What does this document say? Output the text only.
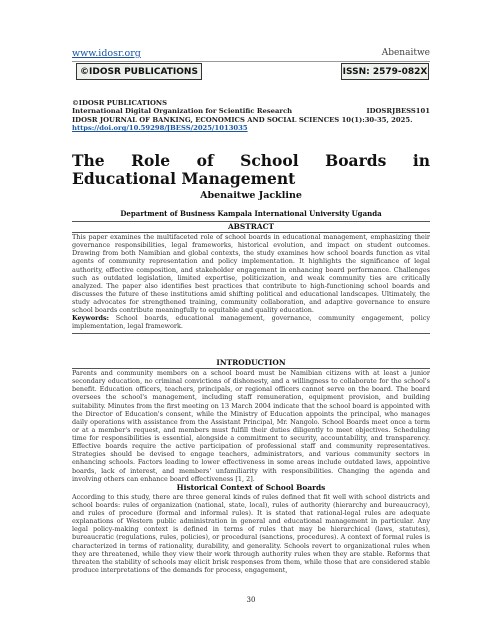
www.idosr.org	Abenaitwe
©IDOSR PUBLICATIONS	ISSN: 2579-082X
©IDOSR PUBLICATIONS
International Digital Organization for Scientific Research	IDOSRJBESS101
IDOSR JOURNAL OF BANKING, ECONOMICS AND SOCIAL SCIENCES 10(1):30-35, 2025.
https://doi.org/10.59298/JBESS/2025/1013035
The Role of School Boards in Educational Management
Abenaitwe Jackline
Department of Business Kampala International University Uganda
ABSTRACT

This paper examines the multifaceted role of school boards in educational management, emphasizing their governance responsibilities, legal frameworks, historical evolution, and impact on student outcomes. Drawing from both Namibian and global contexts, the study examines how school boards function as vital agents of community representation and policy implementation. It highlights the significance of legal authority, effective composition, and stakeholder engagement in enhancing board performance. Challenges such as outdated legislation, limited expertise, politicization, and weak community ties are critically analyzed. The paper also identifies best practices that contribute to high-functioning school boards and discusses the future of these institutions amid shifting political and educational landscapes. Ultimately, the study advocates for strengthened training, community collaboration, and adaptive governance to ensure school boards contribute meaningfully to equitable and quality education.

Keywords: School boards, educational management, governance, community engagement, policy implementation, legal framework.

INTRODUCTION

Parents and community members on a school board must be Namibian citizens with at least a junior secondary education, no criminal convictions of dishonesty, and a willingness to collaborate for the school's benefit. Education officers, teachers, principals, or regional officers cannot serve on the board. The board oversees the school's management, including staff remuneration, equipment provision, and building suitability. Minutes from the first meeting on 13 March 2004 indicate that the school board is appointed with the Director of Education's consent, while the Ministry of Education appoints the principal, who manages daily operations with assistance from the Assistant Principal, Mr. Nangolo. School Boards meet once a term or at a member's request, and members must fulfill their duties diligently to meet objectives. Scheduling time for responsibilities is essential, alongside a commitment to security, accountability, and transparency. Effective boards require the active participation of professional staff and community representatives. Strategies should be devised to engage teachers, administrators, and various community sectors in enhancing schools. Factors leading to lower effectiveness in some areas include outdated laws, appointive boards, lack of interest, and members' unfamiliarity with responsibilities. Changing the agenda and involving others can enhance board effectiveness [1, 2].

Historical Context of School Boards

According to this study, there are three general kinds of rules defined that fit well with school districts and school boards: rules of organization (national, state, local), rules of authority (hierarchy and bureaucracy), and rules of procedure (formal and informal rules). It is stated that rational-legal rules are adequate explanations of Western public administration in general and educational management in particular. Any legal policy-making context is defined in terms of rules that may be hierarchical (laws, statutes), bureaucratic (regulations, rules, policies), or procedural (sanctions, procedures). A context of formal rules is characterized in terms of rationality, durability, and generality. Schools revert to organizational rules when they are threatened, while they view their work through authority rules when they are stable. Reforms that threaten the stability of schools may elicit brisk responses from them, while those that are considered stable produce interpretations of the demands for process, engagement,

30
